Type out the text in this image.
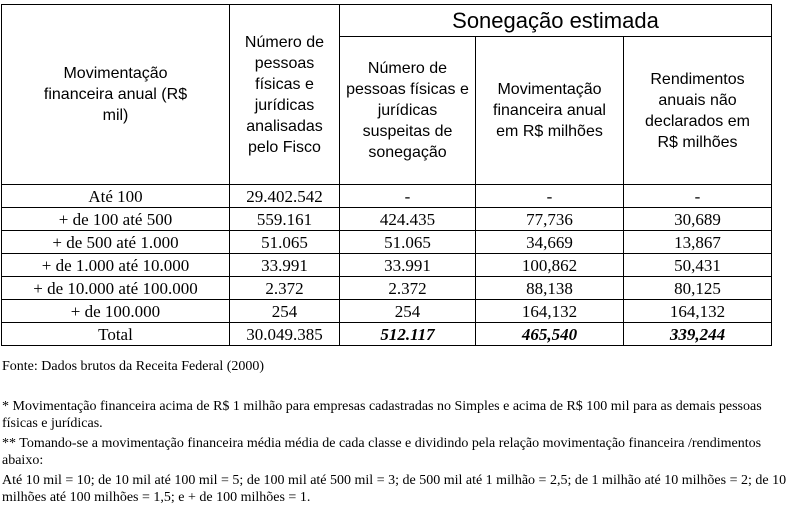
Movimentação financeira anual (R$ mil)	Número de pessoas físicas e jurídicas analisadas pelo Fisco	Sonegação estimada		
		Número de pessoas físicas e jurídicas suspeitas de sonegação	Movimentação financeira anual em R$ milhões	Rendimentos anuais não declarados em R$ milhões
Até 100	29.402.542	-	-	-
+ de 100 até 500	559.161	424.435	77,736	30,689
+ de 500 até 1.000	51.065	51.065	34,669	13,867
+ de 1.000 até 10.000	33.991	33.991	100,862	50,431
+ de 10.000 até 100.000	2.372	2.372	88,138	80,125
+ de 100.000	254	254	164,132	164,132
Total	30.049.385	512.117	465,540	339,244
Fonte: Dados brutos da Receita Federal (2000)
* Movimentação financeira acima de R$ 1 milhão para empresas cadastradas no Simples e acima de R$ 100 mil para as demais pessoas físicas e jurídicas.
** Tomando-se a movimentação financeira média média de cada classe e dividindo pela relação movimentação financeira /rendimentos abaixo:
Até 10 mil = 10; de 10 mil até 100 mil = 5; de 100 mil até 500 mil = 3; de 500 mil até 1 milhão = 2,5; de 1 milhão até 10 milhões = 2; de 10 milhões até 100 milhões = 1,5; e + de 100 milhões = 1.
